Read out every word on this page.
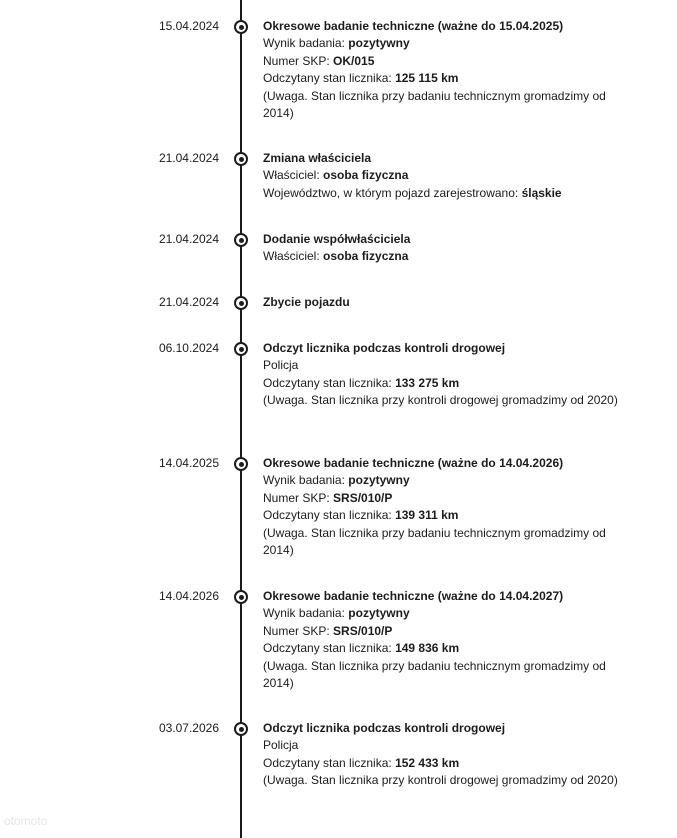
15.04.2024	Okresowe badanie techniczne (ważne do 15.04.2025)
Wynik badania: pozytywny
Numer SKP: OK/015
Odczytany stan licznika: 125 115 km
(Uwaga. Stan licznika przy badaniu technicznym gromadzimy od 2014)
21.04.2024	Zmiana właściciela
Właściciel: osoba fizyczna
Województwo, w którym pojazd zarejestrowano: śląskie
21.04.2024	Dodanie współwłaściciela
Właściciel: osoba fizyczna
21.04.2024	Zbycie pojazdu
06.10.2024	Odczyt licznika podczas kontroli drogowej
Policja
Odczytany stan licznika: 133 275 km
(Uwaga. Stan licznika przy kontroli drogowej gromadzimy od 2020)
14.04.2025	Okresowe badanie techniczne (ważne do 14.04.2026)
Wynik badania: pozytywny
Numer SKP: SRS/010/P
Odczytany stan licznika: 139 311 km
(Uwaga. Stan licznika przy badaniu technicznym gromadzimy od 2014)
14.04.2026	Okresowe badanie techniczne (ważne do 14.04.2027)
Wynik badania: pozytywny
Numer SKP: SRS/010/P
Odczytany stan licznika: 149 836 km
(Uwaga. Stan licznika przy badaniu technicznym gromadzimy od 2014)
03.07.2026	Odczyt licznika podczas kontroli drogowej
Policja
Odczytany stan licznika: 152 433 km
(Uwaga. Stan licznika przy kontroli drogowej gromadzimy od 2020)
otomoto
